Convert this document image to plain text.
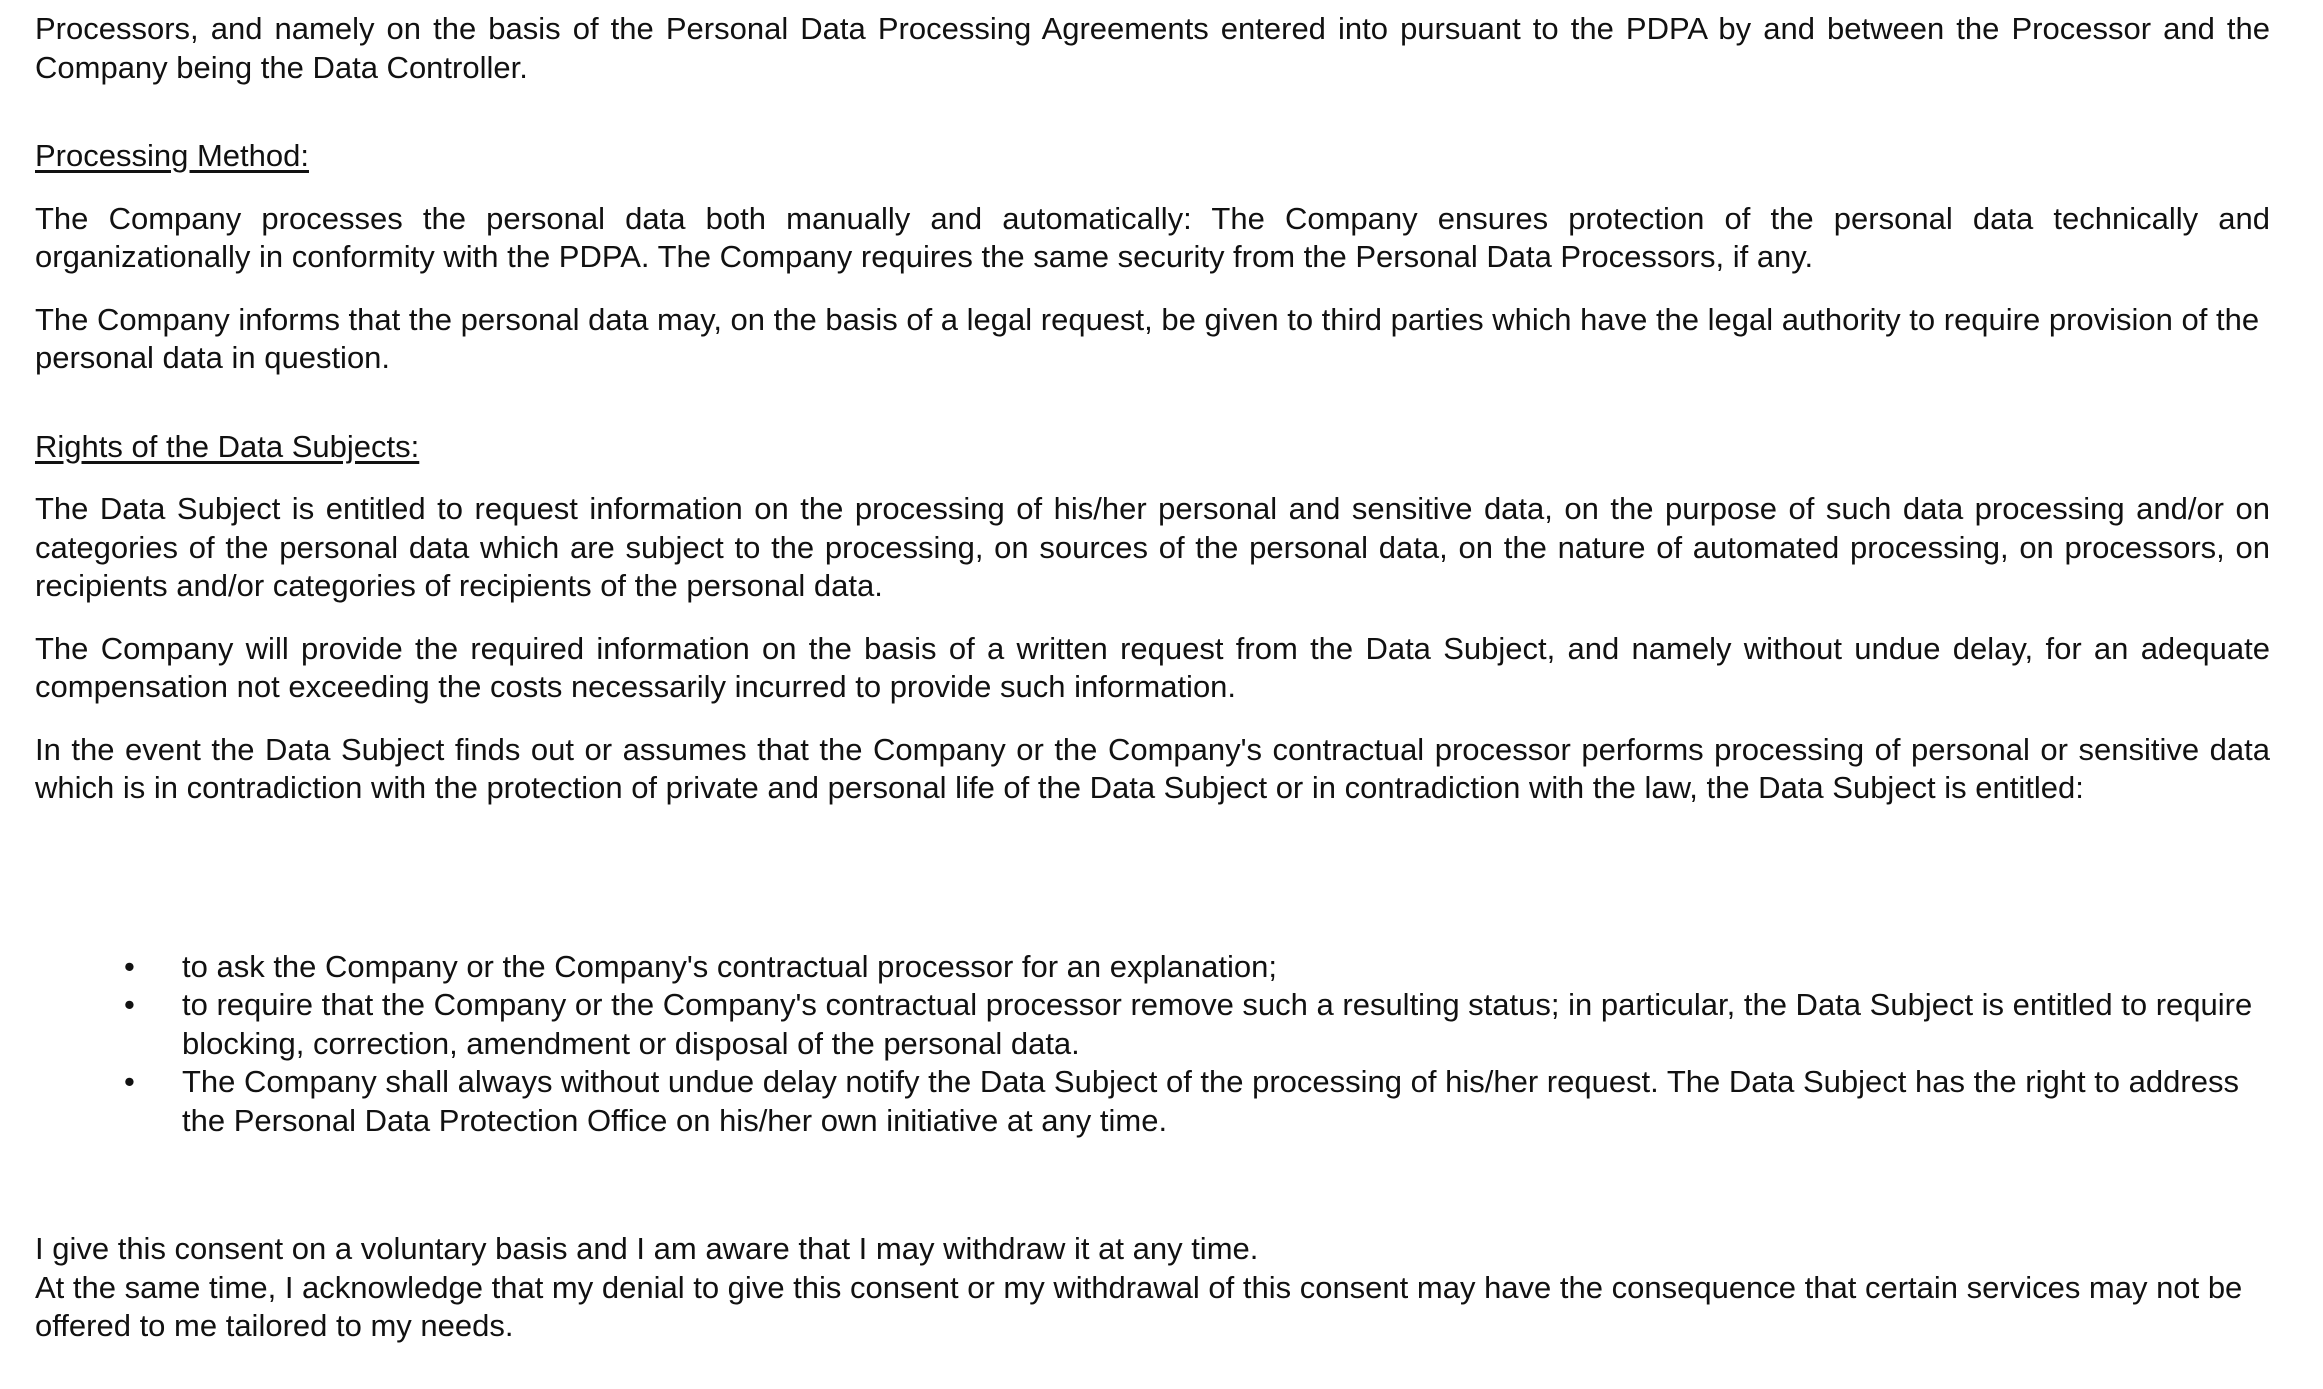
Processors, and namely on the basis of the Personal Data Processing Agreements entered into pursuant to the PDPA by and between the Processor and the Company being the Data Controller.

Processing Method:

The Company processes the personal data both manually and automatically: The Company ensures protection of the personal data technically and organizationally in conformity with the PDPA. The Company requires the same security from the Personal Data Processors, if any.

The Company informs that the personal data may, on the basis of a legal request, be given to third parties which have the legal authority to require provision of the personal data in question.

Rights of the Data Subjects:

The Data Subject is entitled to request information on the processing of his/her personal and sensitive data, on the purpose of such data processing and/or on categories of the personal data which are subject to the processing, on sources of the personal data, on the nature of automated processing, on processors, on recipients and/or categories of recipients of the personal data.

The Company will provide the required information on the basis of a written request from the Data Subject, and namely without undue delay, for an adequate compensation not exceeding the costs necessarily incurred to provide such information.

In the event the Data Subject finds out or assumes that the Company or the Company's contractual processor performs processing of personal or sensitive data which is in contradiction with the protection of private and personal life of the Data Subject or in contradiction with the law, the Data Subject is entitled:

• to ask the Company or the Company's contractual processor for an explanation;
• to require that the Company or the Company's contractual processor remove such a resulting status; in particular, the Data Subject is entitled to require blocking, correction, amendment or disposal of the personal data.
• The Company shall always without undue delay notify the Data Subject of the processing of his/her request. The Data Subject has the right to address the Personal Data Protection Office on his/her own initiative at any time.

I give this consent on a voluntary basis and I am aware that I may withdraw it at any time.

At the same time, I acknowledge that my denial to give this consent or my withdrawal of this consent may have the consequence that certain services may not be offered to me tailored to my needs.
